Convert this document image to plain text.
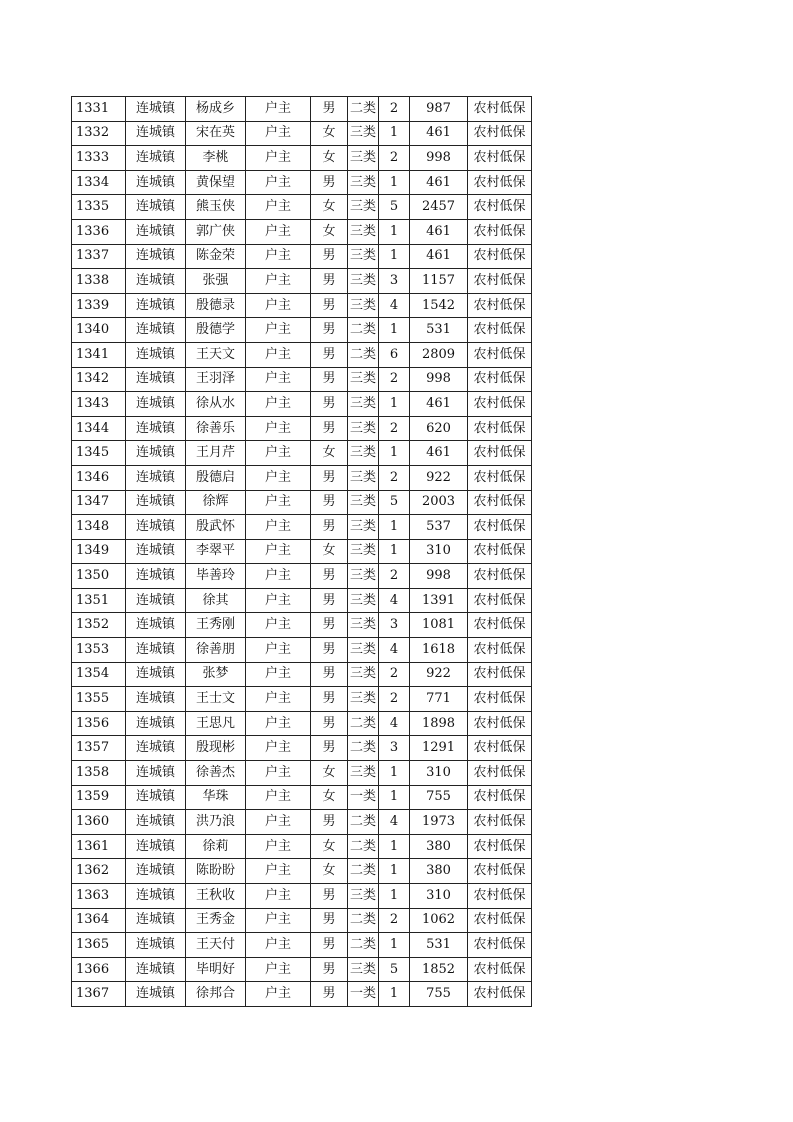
1331	连城镇	杨成乡	户主	男	二类	2	987	农村低保
1332	连城镇	宋在英	户主	女	三类	1	461	农村低保
1333	连城镇	李桃	户主	女	三类	2	998	农村低保
1334	连城镇	黄保望	户主	男	三类	1	461	农村低保
1335	连城镇	熊玉侠	户主	女	三类	5	2457	农村低保
1336	连城镇	郭广侠	户主	女	三类	1	461	农村低保
1337	连城镇	陈金荣	户主	男	三类	1	461	农村低保
1338	连城镇	张强	户主	男	三类	3	1157	农村低保
1339	连城镇	殷德录	户主	男	三类	4	1542	农村低保
1340	连城镇	殷德学	户主	男	二类	1	531	农村低保
1341	连城镇	王天文	户主	男	二类	6	2809	农村低保
1342	连城镇	王羽泽	户主	男	三类	2	998	农村低保
1343	连城镇	徐从水	户主	男	三类	1	461	农村低保
1344	连城镇	徐善乐	户主	男	三类	2	620	农村低保
1345	连城镇	王月芹	户主	女	三类	1	461	农村低保
1346	连城镇	殷德启	户主	男	三类	2	922	农村低保
1347	连城镇	徐辉	户主	男	三类	5	2003	农村低保
1348	连城镇	殷武怀	户主	男	三类	1	537	农村低保
1349	连城镇	李翠平	户主	女	三类	1	310	农村低保
1350	连城镇	毕善玲	户主	男	三类	2	998	农村低保
1351	连城镇	徐其	户主	男	三类	4	1391	农村低保
1352	连城镇	王秀刚	户主	男	三类	3	1081	农村低保
1353	连城镇	徐善朋	户主	男	三类	4	1618	农村低保
1354	连城镇	张梦	户主	男	三类	2	922	农村低保
1355	连城镇	王士文	户主	男	三类	2	771	农村低保
1356	连城镇	王思凡	户主	男	二类	4	1898	农村低保
1357	连城镇	殷现彬	户主	男	二类	3	1291	农村低保
1358	连城镇	徐善杰	户主	女	三类	1	310	农村低保
1359	连城镇	华珠	户主	女	一类	1	755	农村低保
1360	连城镇	洪乃浪	户主	男	二类	4	1973	农村低保
1361	连城镇	徐莉	户主	女	二类	1	380	农村低保
1362	连城镇	陈盼盼	户主	女	二类	1	380	农村低保
1363	连城镇	王秋收	户主	男	三类	1	310	农村低保
1364	连城镇	王秀金	户主	男	二类	2	1062	农村低保
1365	连城镇	王天付	户主	男	二类	1	531	农村低保
1366	连城镇	毕明好	户主	男	三类	5	1852	农村低保
1367	连城镇	徐邦合	户主	男	一类	1	755	农村低保
